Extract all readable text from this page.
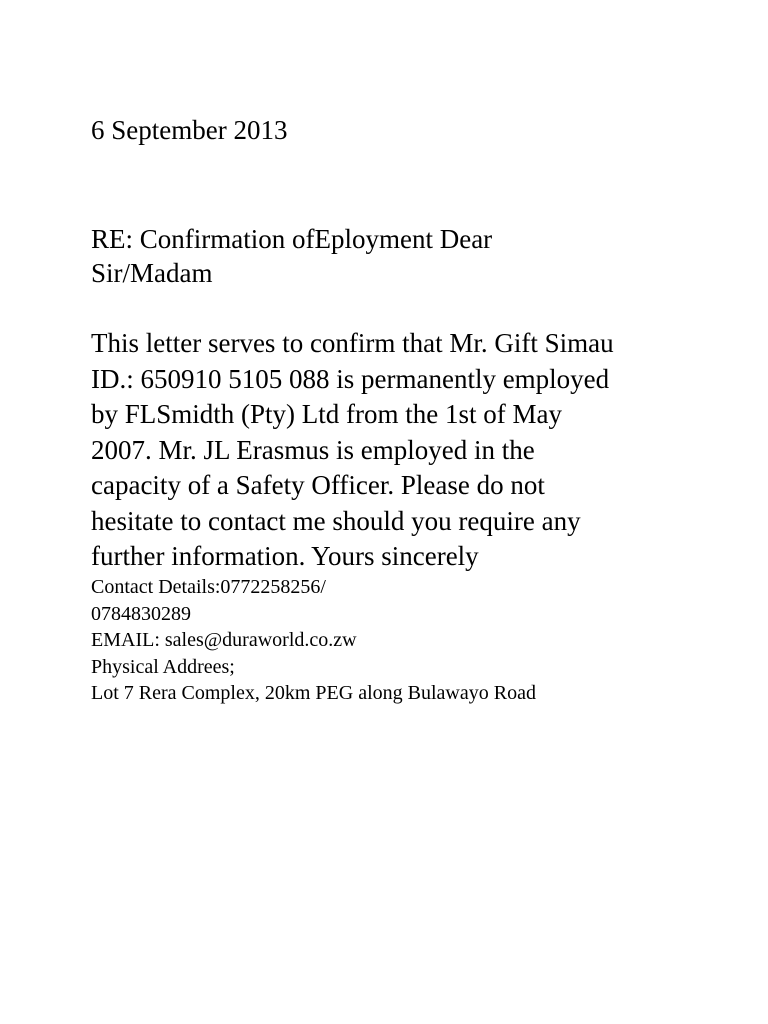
6 September 2013
RE: Confirmation ofEployment Dear
Sir/Madam
This letter serves to confirm that Mr. Gift Simau
ID.: 650910 5105 088 is permanently employed
by FLSmidth (Pty) Ltd from the 1st of May
2007. Mr. JL Erasmus is employed in the
capacity of a Safety Officer. Please do not
hesitate to contact me should you require any
further information. Yours sincerely
Contact Details:0772258256/
0784830289
EMAIL: sales@duraworld.co.zw
Physical Addrees;
Lot 7 Rera Complex, 20km PEG along Bulawayo Road
